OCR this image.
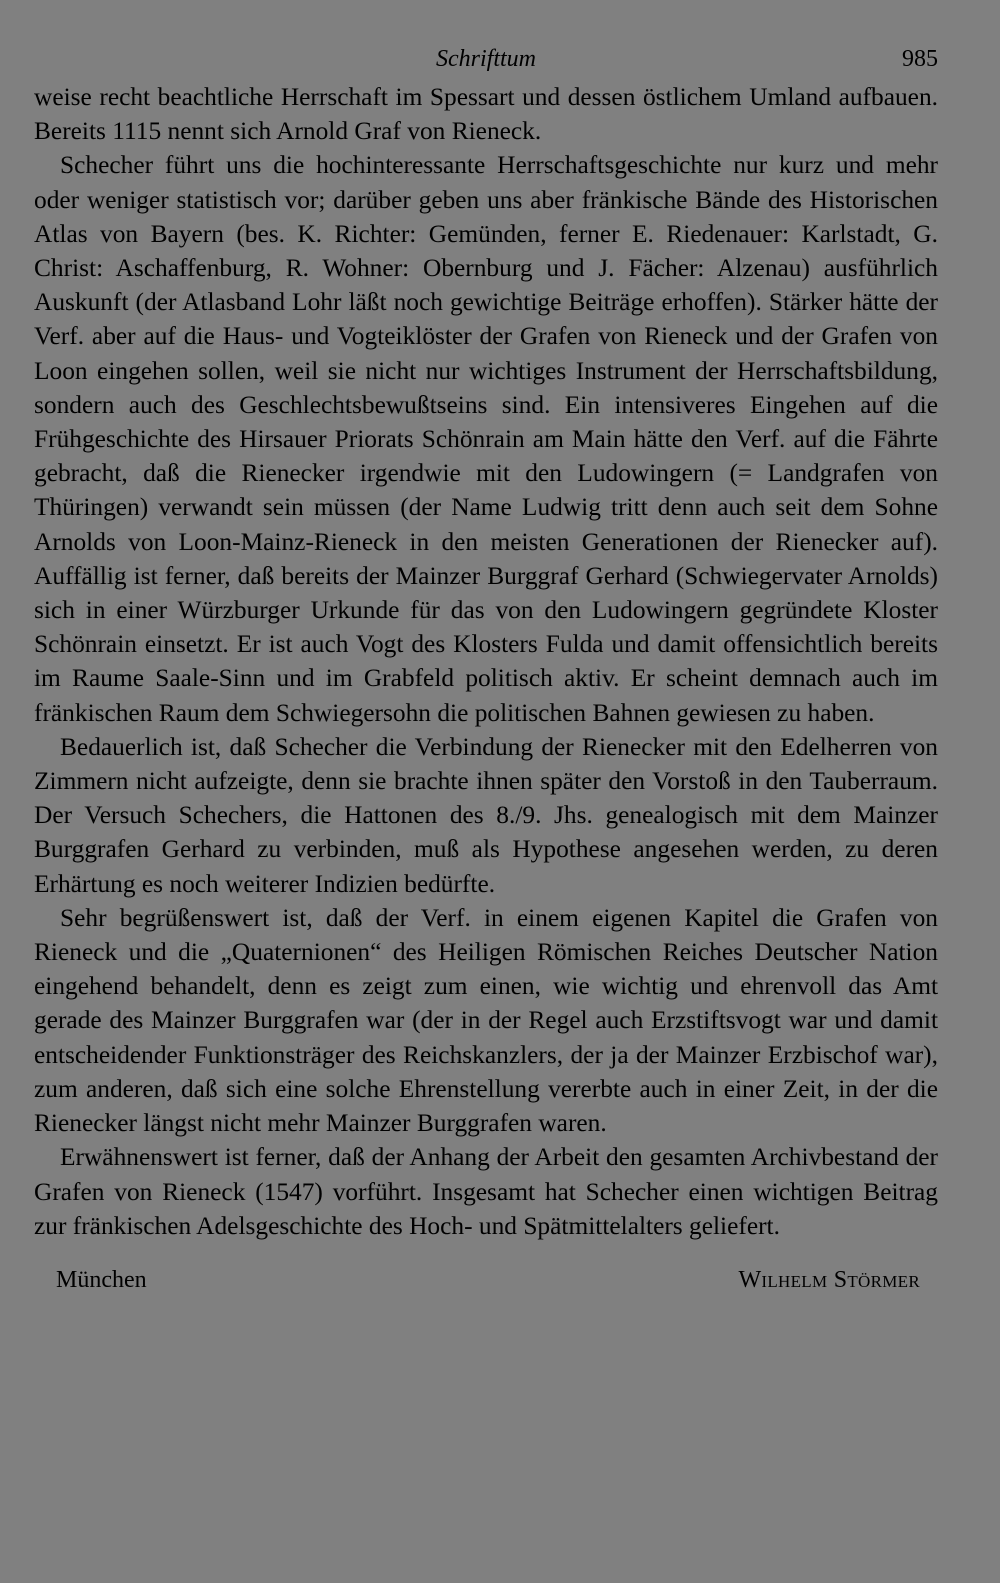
Schrifttum	985

weise recht beachtliche Herrschaft im Spessart und dessen östlichem Umland aufbauen. Bereits 1115 nennt sich Arnold Graf von Rieneck.

Schecher führt uns die hochinteressante Herrschaftsgeschichte nur kurz und mehr oder weniger statistisch vor; darüber geben uns aber fränkische Bände des Historischen Atlas von Bayern (bes. K. Richter: Gemünden, ferner E. Riedenauer: Karlstadt, G. Christ: Aschaffenburg, R. Wohner: Obernburg und J. Fächer: Alzenau) ausführlich Auskunft (der Atlasband Lohr läßt noch gewichtige Beiträge erhoffen). Stärker hätte der Verf. aber auf die Haus- und Vogteiklöster der Grafen von Rieneck und der Grafen von Loon eingehen sollen, weil sie nicht nur wichtiges Instrument der Herrschaftsbildung, sondern auch des Geschlechtsbewußtseins sind. Ein intensiveres Eingehen auf die Frühgeschichte des Hirsauer Priorats Schönrain am Main hätte den Verf. auf die Fährte gebracht, daß die Rienecker irgendwie mit den Ludowingern (= Landgrafen von Thüringen) verwandt sein müssen (der Name Ludwig tritt denn auch seit dem Sohne Arnolds von Loon-Mainz-Rieneck in den meisten Generationen der Rienecker auf). Auffällig ist ferner, daß bereits der Mainzer Burggraf Gerhard (Schwiegervater Arnolds) sich in einer Würzburger Urkunde für das von den Ludowingern gegründete Kloster Schönrain einsetzt. Er ist auch Vogt des Klosters Fulda und damit offensichtlich bereits im Raume Saale-Sinn und im Grabfeld politisch aktiv. Er scheint demnach auch im fränkischen Raum dem Schwiegersohn die politischen Bahnen gewiesen zu haben.

Bedauerlich ist, daß Schecher die Verbindung der Rienecker mit den Edelherren von Zimmern nicht aufzeigte, denn sie brachte ihnen später den Vorstoß in den Tauberraum. Der Versuch Schechers, die Hattonen des 8./9. Jhs. genealogisch mit dem Mainzer Burggrafen Gerhard zu verbinden, muß als Hypothese angesehen werden, zu deren Erhärtung es noch weiterer Indizien bedürfte.

Sehr begrüßenswert ist, daß der Verf. in einem eigenen Kapitel die Grafen von Rieneck und die „Quaternionen“ des Heiligen Römischen Reiches Deutscher Nation eingehend behandelt, denn es zeigt zum einen, wie wichtig und ehrenvoll das Amt gerade des Mainzer Burggrafen war (der in der Regel auch Erzstiftsvogt war und damit entscheidender Funktionsträger des Reichskanzlers, der ja der Mainzer Erzbischof war), zum anderen, daß sich eine solche Ehrenstellung vererbte auch in einer Zeit, in der die Rienecker längst nicht mehr Mainzer Burggrafen waren.

Erwähnenswert ist ferner, daß der Anhang der Arbeit den gesamten Archivbestand der Grafen von Rieneck (1547) vorführt. Insgesamt hat Schecher einen wichtigen Beitrag zur fränkischen Adelsgeschichte des Hoch- und Spätmittelalters geliefert.

München	Wilhelm Störmer
